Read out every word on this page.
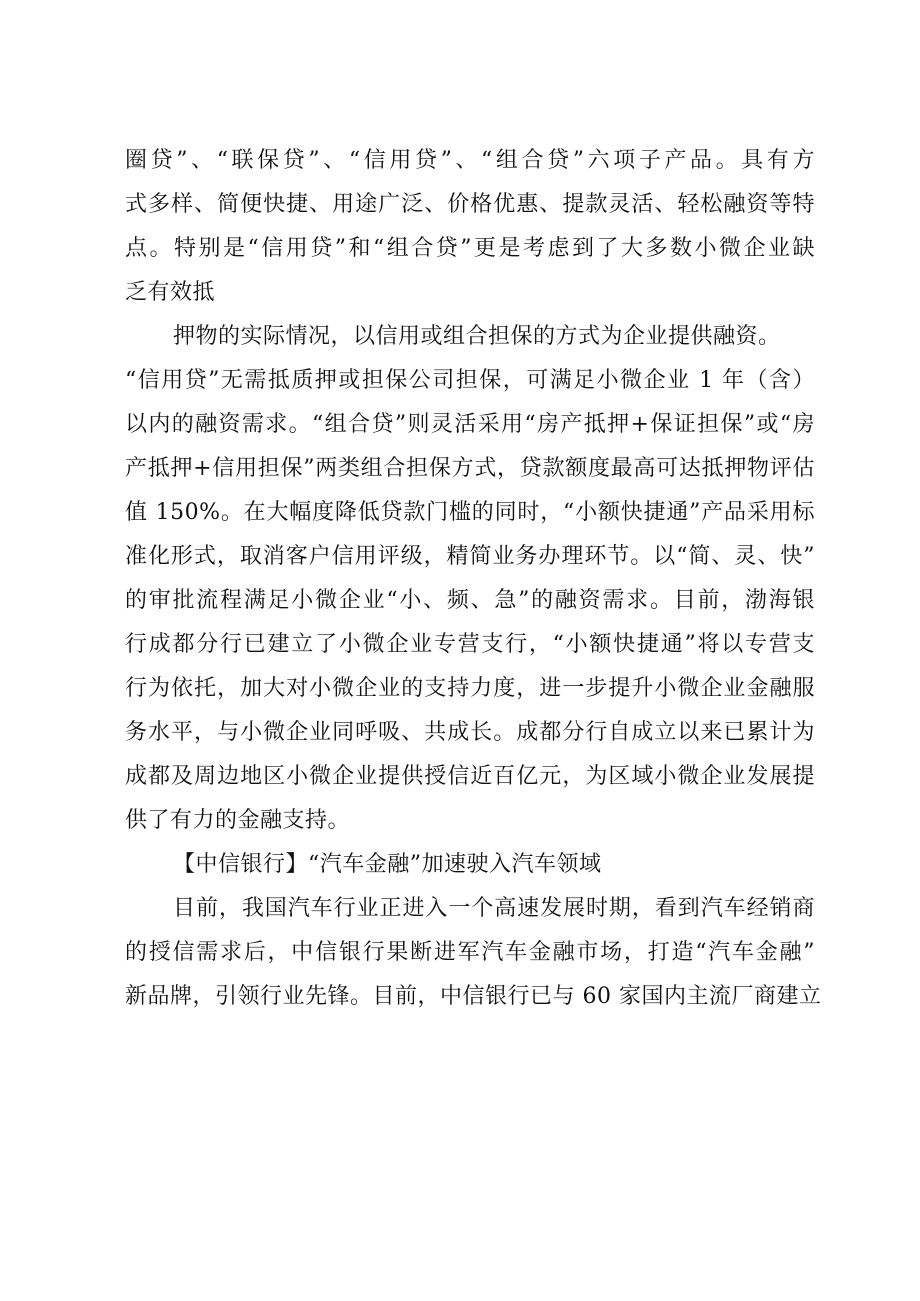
圈贷”、“联保贷”、“信用贷”、“组合贷”六项子产品。具有方
式多样、简便快捷、用途广泛、价格优惠、提款灵活、轻松融资等特
点。特别是“信用贷”和“组合贷”更是考虑到了大多数小微企业缺
乏有效抵
押物的实际情况，以信用或组合担保的方式为企业提供融资。
“信用贷”无需抵质押或担保公司担保，可满足小微企业 1 年（含）
以内的融资需求。“组合贷”则灵活采用“房产抵押+保证担保”或“房
产抵押+信用担保”两类组合担保方式，贷款额度最高可达抵押物评估
值 150%。在大幅度降低贷款门槛的同时，“小额快捷通”产品采用标
准化形式，取消客户信用评级，精简业务办理环节。以“简、灵、快”
的审批流程满足小微企业“小、频、急”的融资需求。目前，渤海银
行成都分行已建立了小微企业专营支行，“小额快捷通”将以专营支
行为依托，加大对小微企业的支持力度，进一步提升小微企业金融服
务水平，与小微企业同呼吸、共成长。成都分行自成立以来已累计为
成都及周边地区小微企业提供授信近百亿元，为区域小微企业发展提
供了有力的金融支持。
【中信银行】“汽车金融”加速驶入汽车领域
目前，我国汽车行业正进入一个高速发展时期，看到汽车经销商
的授信需求后，中信银行果断进军汽车金融市场，打造“汽车金融”
新品牌，引领行业先锋。目前，中信银行已与 60 家国内主流厂商建立
